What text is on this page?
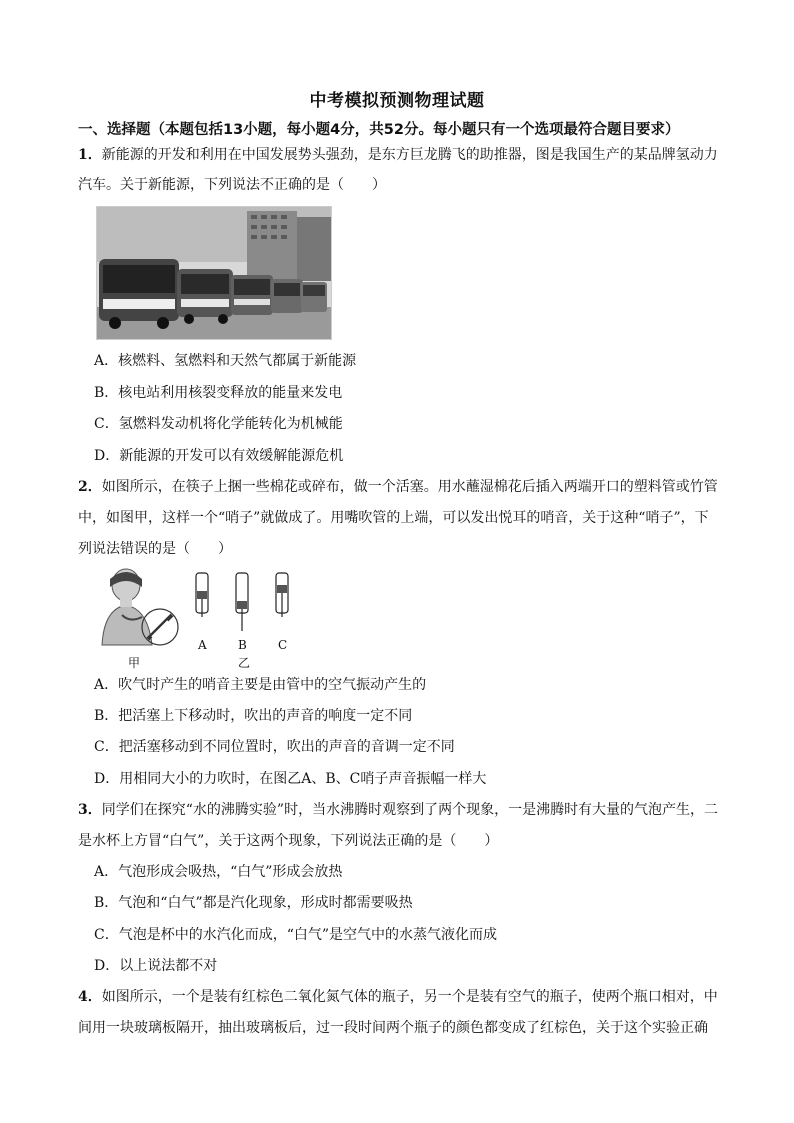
中考模拟预测物理试题
一、选择题（本题包括13小题，每小题4分，共52分。每小题只有一个选项最符合题目要求）
1．新能源的开发和利用在中国发展势头强劲，是东方巨龙腾飞的助推器，图是我国生产的某品牌氢动力
汽车。关于新能源，下列说法不正确的是（　　）
A．核燃料、氢燃料和天然气都属于新能源
B．核电站利用核裂变释放的能量来发电
C．氢燃料发动机将化学能转化为机械能
D．新能源的开发可以有效缓解能源危机
2．如图所示，在筷子上捆一些棉花或碎布，做一个活塞。用水蘸湿棉花后插入两端开口的塑料管或竹管
中，如图甲，这样一个“哨子”就做成了。用嘴吹管的上端，可以发出悦耳的哨音，关于这种“哨子”，下
列说法错误的是（　　）
甲
A	B	C
乙
A．吹气时产生的哨音主要是由管中的空气振动产生的
B．把活塞上下移动时，吹出的声音的响度一定不同
C．把活塞移动到不同位置时，吹出的声音的音调一定不同
D．用相同大小的力吹时，在图乙A、B、C哨子声音振幅一样大
3．同学们在探究“水的沸腾实验”时，当水沸腾时观察到了两个现象，一是沸腾时有大量的气泡产生，二
是水杯上方冒“白气”，关于这两个现象，下列说法正确的是（　　）
A．气泡形成会吸热，“白气”形成会放热
B．气泡和“白气”都是汽化现象，形成时都需要吸热
C．气泡是杯中的水汽化而成，“白气”是空气中的水蒸气液化而成
D．以上说法都不对
4．如图所示，一个是装有红棕色二氧化氮气体的瓶子，另一个是装有空气的瓶子，使两个瓶口相对，中
间用一块玻璃板隔开，抽出玻璃板后，过一段时间两个瓶子的颜色都变成了红棕色，关于这个实验正确
